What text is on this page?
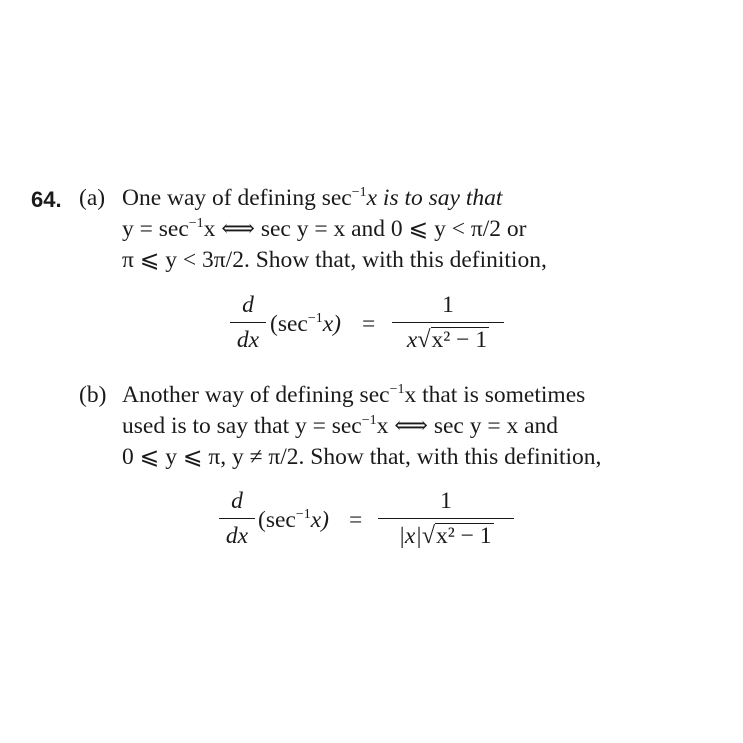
64. (a) One way of defining $\sec^{-1}x$ is to say that
$y = \sec^{-1}x$ ⟺ sec y = x and 0 ⩽ y < π/2 or
π ⩽ y < 3π/2. Show that, with this definition,
d
dx
$(\sec^{-1}x)$ =
1
x√x² − 1
(b) Another way of defining $\sec^{-1}x$ that is sometimes
used is to say that $y = \sec^{-1}x$ ⟺ sec y = x and
0 ⩽ y ⩽ π, y ≠ π/2. Show that, with this definition,
d
dx
$(\sec^{-1}x)$ =
1
|x|√x² − 1
